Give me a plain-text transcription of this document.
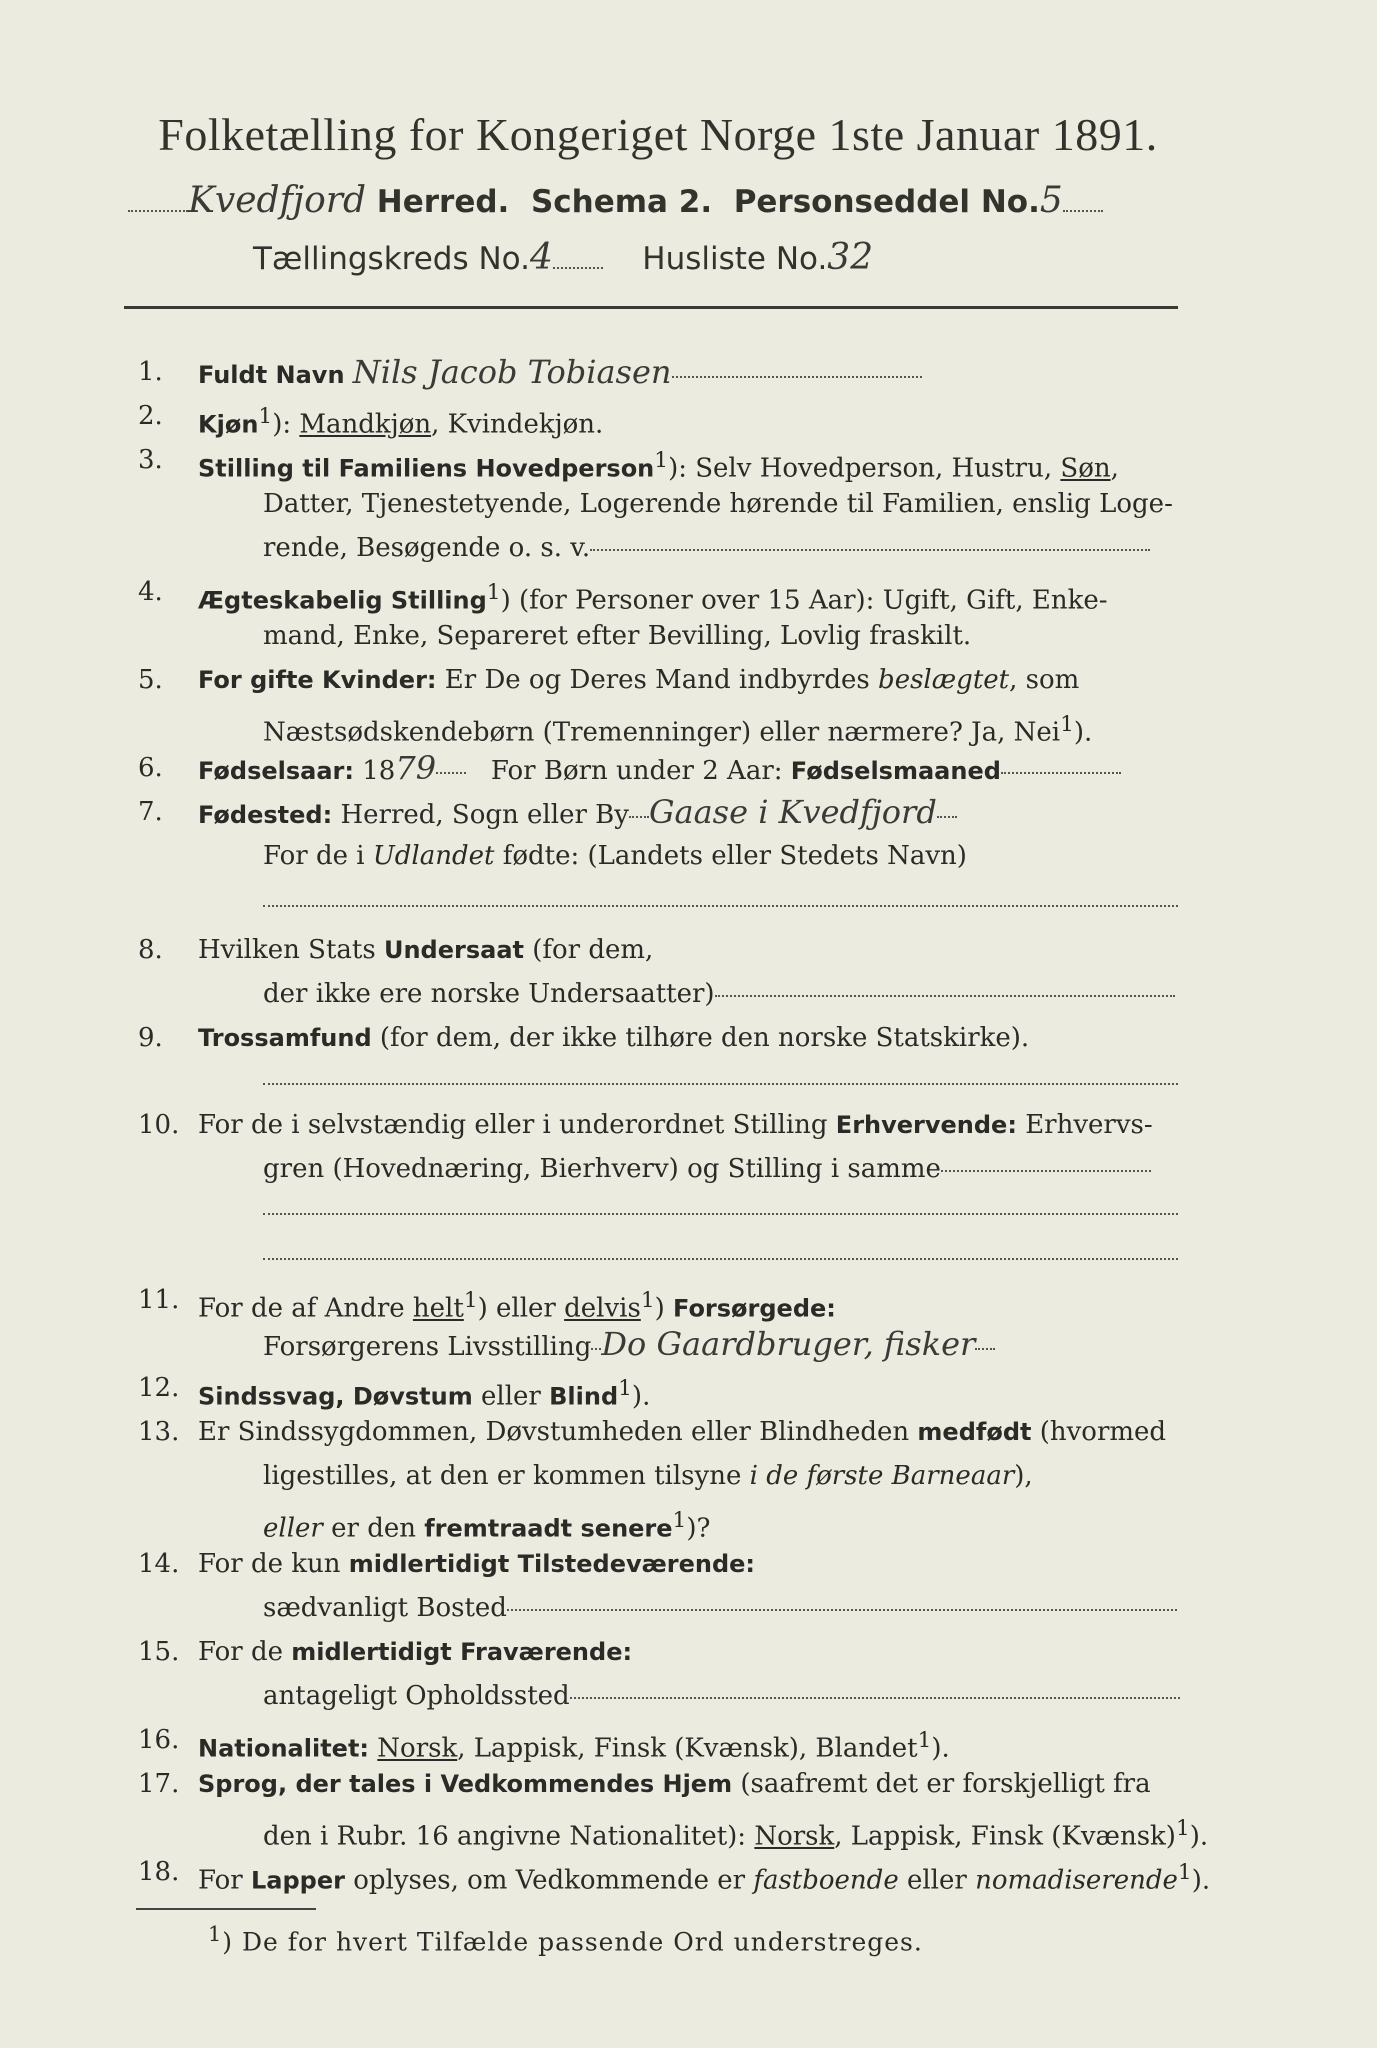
Folketælling for Kongeriget Norge 1ste Januar 1891.
Kvedfjord Herred. Schema 2. Personseddel No.5
Tællingskreds No.4	Husliste No.32
1.	Fuldt Navn Nils Jacob Tobiasen
2.	Kjøn$^1$): Mandkjøn, Kvindekjøn.
3.	Stilling til Familiens Hovedperson$^1$): Selv Hovedperson, Hustru, Søn,
Datter, Tjenestetyende, Logerende hørende til Familien, enslig Loge-
rende, Besøgende o. s. v.
4.	Ægteskabelig Stilling$^1$) (for Personer over 15 Aar): Ugift, Gift, Enke-
mand, Enke, Separeret efter Bevilling, Lovlig fraskilt.
5.	For gifte Kvinder: Er De og Deres Mand indbyrdes beslægtet, som
Næstsødskendebørn (Tremenninger) eller nærmere? Ja, Nei$^1$).
6.	Fødselsaar: 1879 For Børn under 2 Aar: Fødselsmaaned
7.	Fødested: Herred, Sogn eller By Gaase i Kvedfjord
For de i Udlandet fødte: (Landets eller Stedets Navn)
8.	Hvilken Stats Undersaat (for dem,
der ikke ere norske Undersaatter)
9.	Trossamfund (for dem, der ikke tilhøre den norske Statskirke).
10. For de i selvstændig eller i underordnet Stilling Erhvervende: Erhvervs-
gren (Hovednæring, Bierhverv) og Stilling i samme
11. For de af Andre helt$^1$) eller delvis$^1$) Forsørgede:
Forsørgerens Livsstilling Do Gaardbruger, fisker
12. Sindssvag, Døvstum eller Blind$^1$).
13. Er Sindssygdommen, Døvstumheden eller Blindheden medfødt (hvormed
ligestilles, at den er kommen tilsyne i de første Barneaar),
eller er den fremtraadt senere$^1$)?
14. For de kun midlertidigt Tilstedeværende:
sædvanligt Bosted
15. For de midlertidigt Fraværende:
antageligt Opholdssted
16. Nationalitet: Norsk, Lappisk, Finsk (Kvænsk), Blandet$^1$).
17. Sprog, der tales i Vedkommendes Hjem (saafremt det er forskjelligt fra
den i Rubr. 16 angivne Nationalitet): Norsk, Lappisk, Finsk (Kvænsk)$^1$).
18. For Lapper oplyses, om Vedkommende er fastboende eller nomadiserende$^1$).
$^1$) De for hvert Tilfælde passende Ord understreges.
